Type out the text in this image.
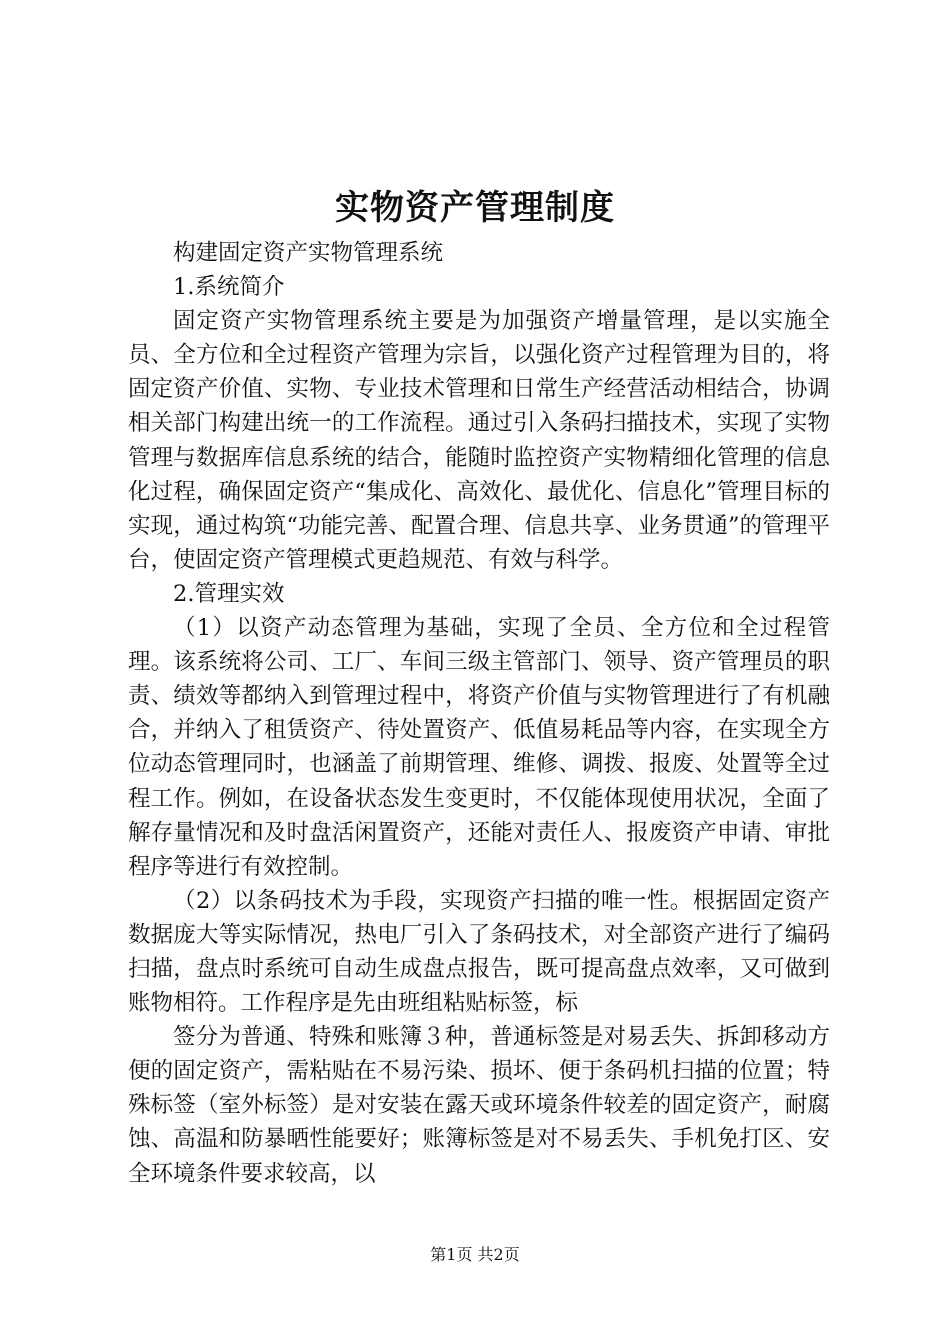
实物资产管理制度

构建固定资产实物管理系统

1.系统简介

固定资产实物管理系统主要是为加强资产增量管理，是以实施全员、全方位和全过程资产管理为宗旨，以强化资产过程管理为目的，将固定资产价值、实物、专业技术管理和日常生产经营活动相结合，协调相关部门构建出统一的工作流程。通过引入条码扫描技术，实现了实物管理与数据库信息系统的结合，能随时监控资产实物精细化管理的信息化过程，确保固定资产“集成化、高效化、最优化、信息化”管理目标的实现，通过构筑“功能完善、配置合理、信息共享、业务贯通”的管理平台，使固定资产管理模式更趋规范、有效与科学。

2.管理实效

（1）以资产动态管理为基础，实现了全员、全方位和全过程管理。该系统将公司、工厂、车间三级主管部门、领导、资产管理员的职责、绩效等都纳入到管理过程中，将资产价值与实物管理进行了有机融合，并纳入了租赁资产、待处置资产、低值易耗品等内容，在实现全方位动态管理同时，也涵盖了前期管理、维修、调拨、报废、处置等全过程工作。例如，在设备状态发生变更时，不仅能体现使用状况，全面了解存量情况和及时盘活闲置资产，还能对责任人、报废资产申请、审批程序等进行有效控制。

（2）以条码技术为手段，实现资产扫描的唯一性。根据固定资产数据庞大等实际情况，热电厂引入了条码技术，对全部资产进行了编码扫描，盘点时系统可自动生成盘点报告，既可提高盘点效率，又可做到账物相符。工作程序是先由班组粘贴标签，标

签分为普通、特殊和账簿３种，普通标签是对易丢失、拆卸移动方便的固定资产，需粘贴在不易污染、损坏、便于条码机扫描的位置；特殊标签（室外标签）是对安装在露天或环境条件较差的固定资产，耐腐蚀、高温和防暴晒性能要好；账簿标签是对不易丢失、手机免打区、安全环境条件要求较高，以

第1页 共2页
